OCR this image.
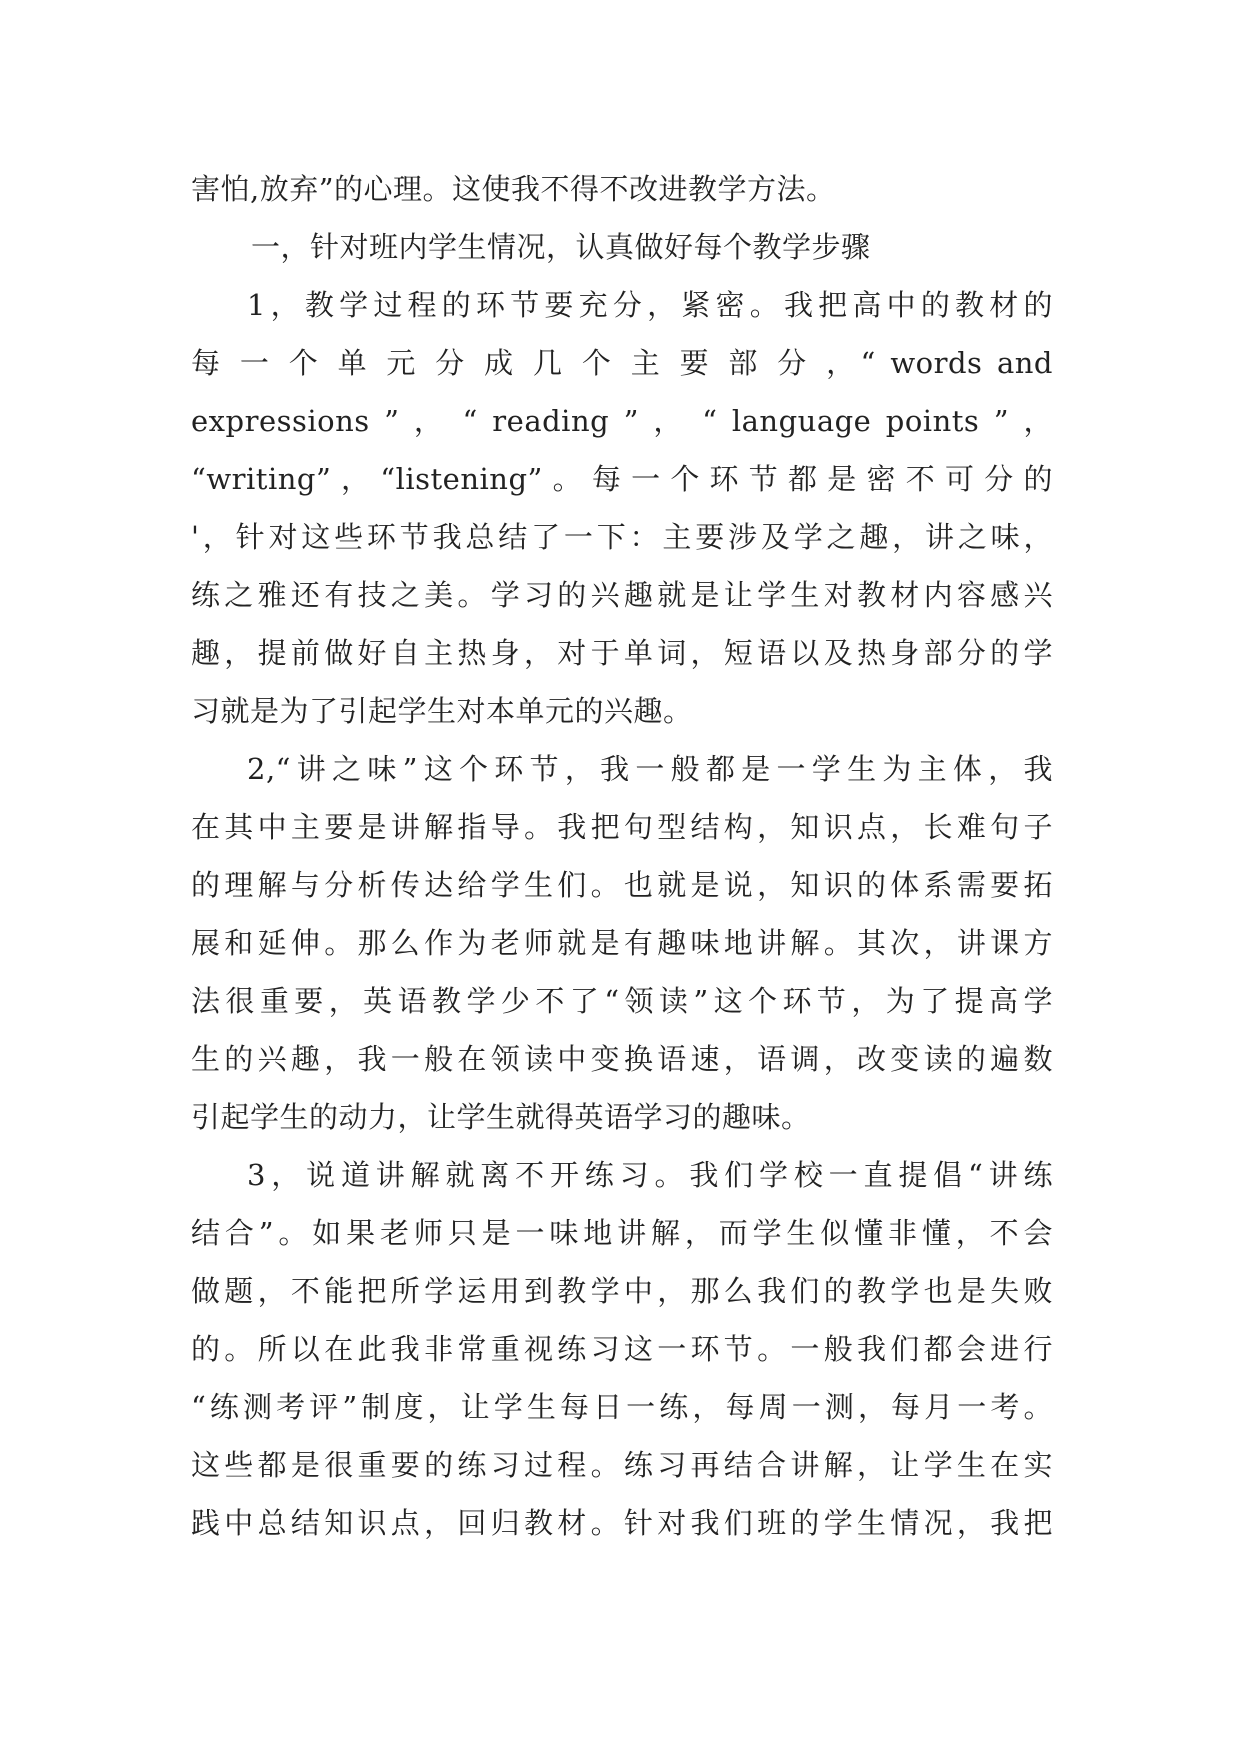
害怕,放弃”的心理。这使我不得不改进教学方法。
一，针对班内学生情况，认真做好每个教学步骤
1，教学过程的环节要充分，紧密。我把高中的教材的
每 一 个 单 元 分 成 几 个 主 要 部 分 ，“ words and
expressions ” ， “ reading ” ， “ language points ” ，
“writing”，“listening”。每一个环节都是密不可分的
'，针对这些环节我总结了一下：主要涉及学之趣，讲之味，
练之雅还有技之美。学习的兴趣就是让学生对教材内容感兴
趣，提前做好自主热身，对于单词，短语以及热身部分的学
习就是为了引起学生对本单元的兴趣。
2,“讲之味”这个环节，我一般都是一学生为主体，我
在其中主要是讲解指导。我把句型结构，知识点，长难句子
的理解与分析传达给学生们。也就是说，知识的体系需要拓
展和延伸。那么作为老师就是有趣味地讲解。其次，讲课方
法很重要，英语教学少不了“领读”这个环节，为了提高学
生的兴趣，我一般在领读中变换语速，语调，改变读的遍数
引起学生的动力，让学生就得英语学习的趣味。
3，说道讲解就离不开练习。我们学校一直提倡“讲练
结合”。如果老师只是一味地讲解，而学生似懂非懂，不会
做题，不能把所学运用到教学中，那么我们的教学也是失败
的。所以在此我非常重视练习这一环节。一般我们都会进行
“练测考评”制度，让学生每日一练，每周一测，每月一考。
这些都是很重要的练习过程。练习再结合讲解，让学生在实
践中总结知识点，回归教材。针对我们班的学生情况，我把
